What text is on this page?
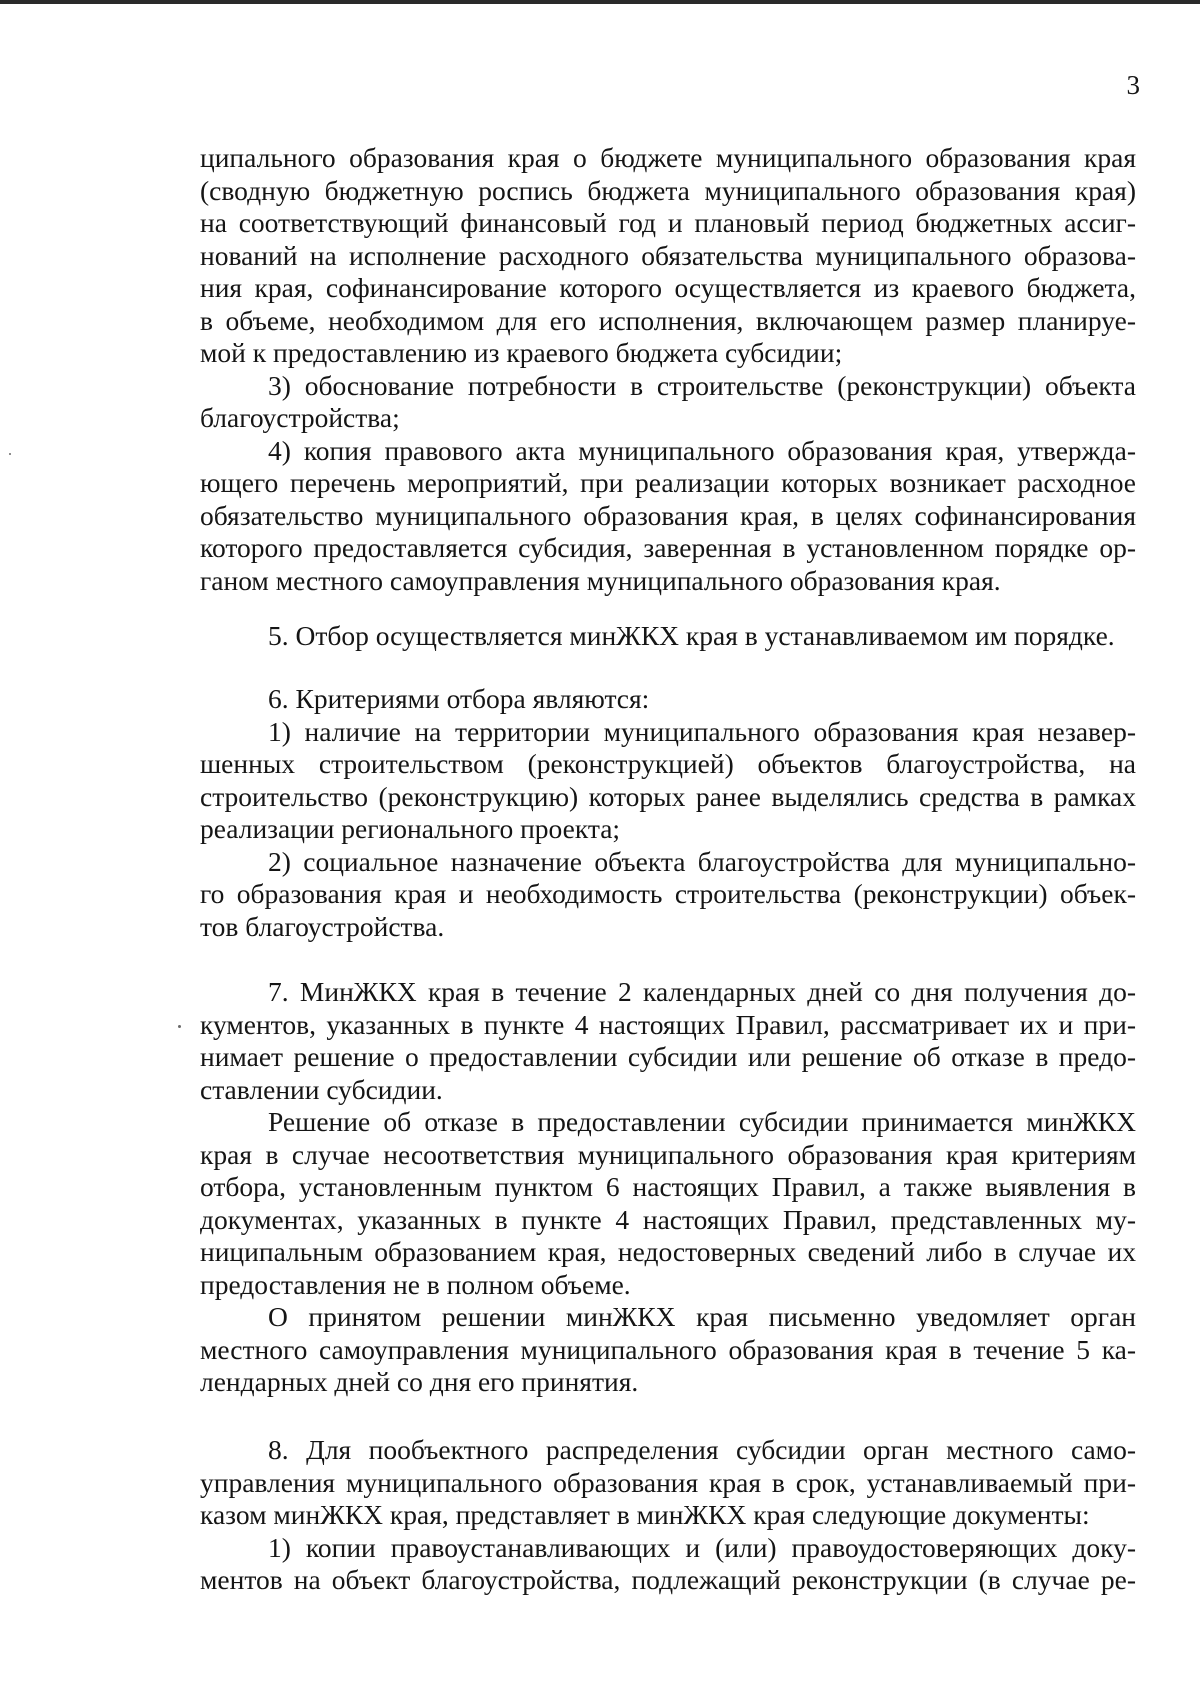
3
ципального образования края о бюджете муниципального образования края
(сводную бюджетную роспись бюджета муниципального образования края)
на соответствующий финансовый год и плановый период бюджетных ассиг-
нований на исполнение расходного обязательства муниципального образова-
ния края, софинансирование которого осуществляется из краевого бюджета,
в объеме, необходимом для его исполнения, включающем размер планируе-
мой к предоставлению из краевого бюджета субсидии;
3) обоснование потребности в строительстве (реконструкции) объекта
благоустройства;
4) копия правового акта муниципального образования края, утвержда-
ющего перечень мероприятий, при реализации которых возникает расходное
обязательство муниципального образования края, в целях софинансирования
которого предоставляется субсидия, заверенная в установленном порядке ор-
ганом местного самоуправления муниципального образования края.
5. Отбор осуществляется минЖКХ края в устанавливаемом им порядке.
6. Критериями отбора являются:
1) наличие на территории муниципального образования края незавер-
шенных строительством (реконструкцией) объектов благоустройства, на
строительство (реконструкцию) которых ранее выделялись средства в рамках
реализации регионального проекта;
2) социальное назначение объекта благоустройства для муниципально-
го образования края и необходимость строительства (реконструкции) объек-
тов благоустройства.
7. МинЖКХ края в течение 2 календарных дней со дня получения до-
кументов, указанных в пункте 4 настоящих Правил, рассматривает их и при-
нимает решение о предоставлении субсидии или решение об отказе в предо-
ставлении субсидии.
Решение об отказе в предоставлении субсидии принимается минЖКХ
края в случае несоответствия муниципального образования края критериям
отбора, установленным пунктом 6 настоящих Правил, а также выявления в
документах, указанных в пункте 4 настоящих Правил, представленных му-
ниципальным образованием края, недостоверных сведений либо в случае их
предоставления не в полном объеме.
О принятом решении минЖКХ края письменно уведомляет орган
местного самоуправления муниципального образования края в течение 5 ка-
лендарных дней со дня его принятия.
8. Для пообъектного распределения субсидии орган местного само-
управления муниципального образования края в срок, устанавливаемый при-
казом минЖКХ края, представляет в минЖКХ края следующие документы:
1) копии правоустанавливающих и (или) правоудостоверяющих доку-
ментов на объект благоустройства, подлежащий реконструкции (в случае ре-
